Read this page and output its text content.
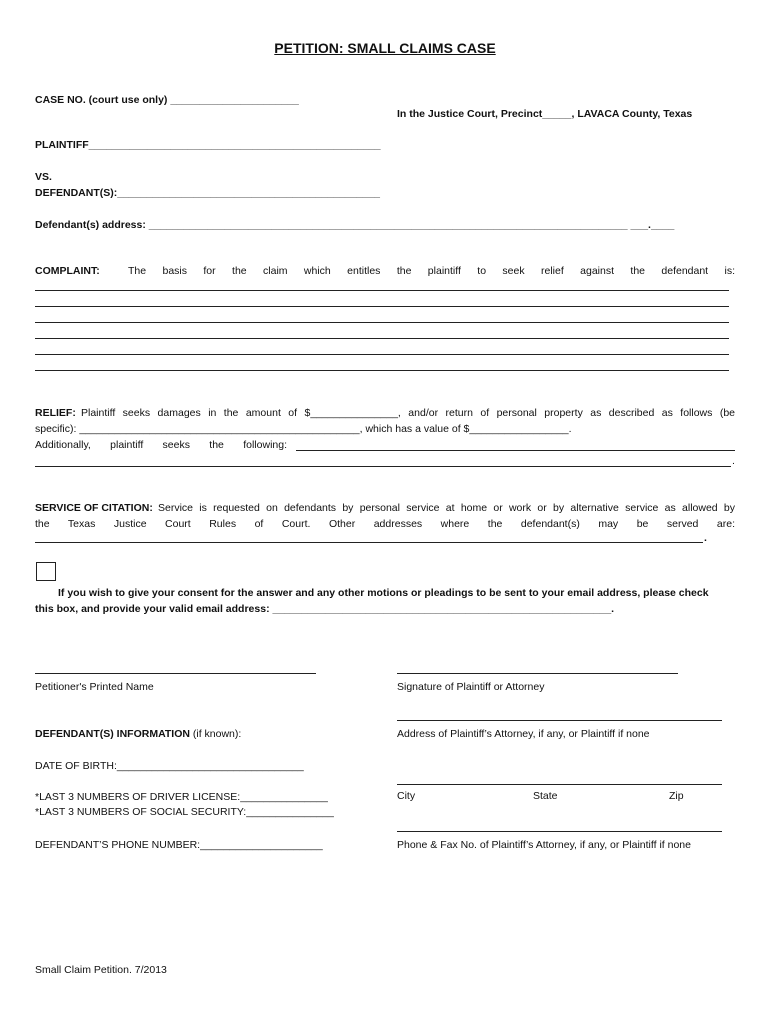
PETITION: SMALL CLAIMS CASE
CASE NO. (court use only) ______________________
In the Justice Court, Precinct_____, LAVACA County, Texas
PLAINTIFF__________________________________________________
VS.
DEFENDANT(S):_____________________________________________
Defendant(s) address: __________________________________________________________________________________ ___.____
COMPLAINT:	The basis for the claim which entitles the plaintiff to seek relief against the defendant is:
RELIEF: Plaintiff seeks damages in the amount of $_______________, and/or return of personal property as described as follows (be
specific): ________________________________________________, which has a value of $_________________.
Additionally, plaintiff seeks the following:
.
SERVICE OF CITATION: Service is requested on defendants by personal service at home or work or by alternative service as allowed by
the Texas Justice Court Rules of Court. Other addresses where the defendant(s) may be served are:
.
If you wish to give your consent for the answer and any other motions or pleadings to be sent to your email address, please check
this box, and provide your valid email address: __________________________________________________________.
Petitioner's Printed Name	Signature of Plaintiff or Attorney
DEFENDANT(S) INFORMATION (if known):	Address of Plaintiff’s Attorney, if any, or Plaintiff if none
DATE OF BIRTH:________________________________
*LAST 3 NUMBERS OF DRIVER LICENSE:_______________
*LAST 3 NUMBERS OF SOCIAL SECURITY:_______________
City	State	Zip
DEFENDANT’S PHONE NUMBER:_____________________	Phone & Fax No. of Plaintiff’s Attorney, if any, or Plaintiff if none
Small Claim Petition. 7/2013
